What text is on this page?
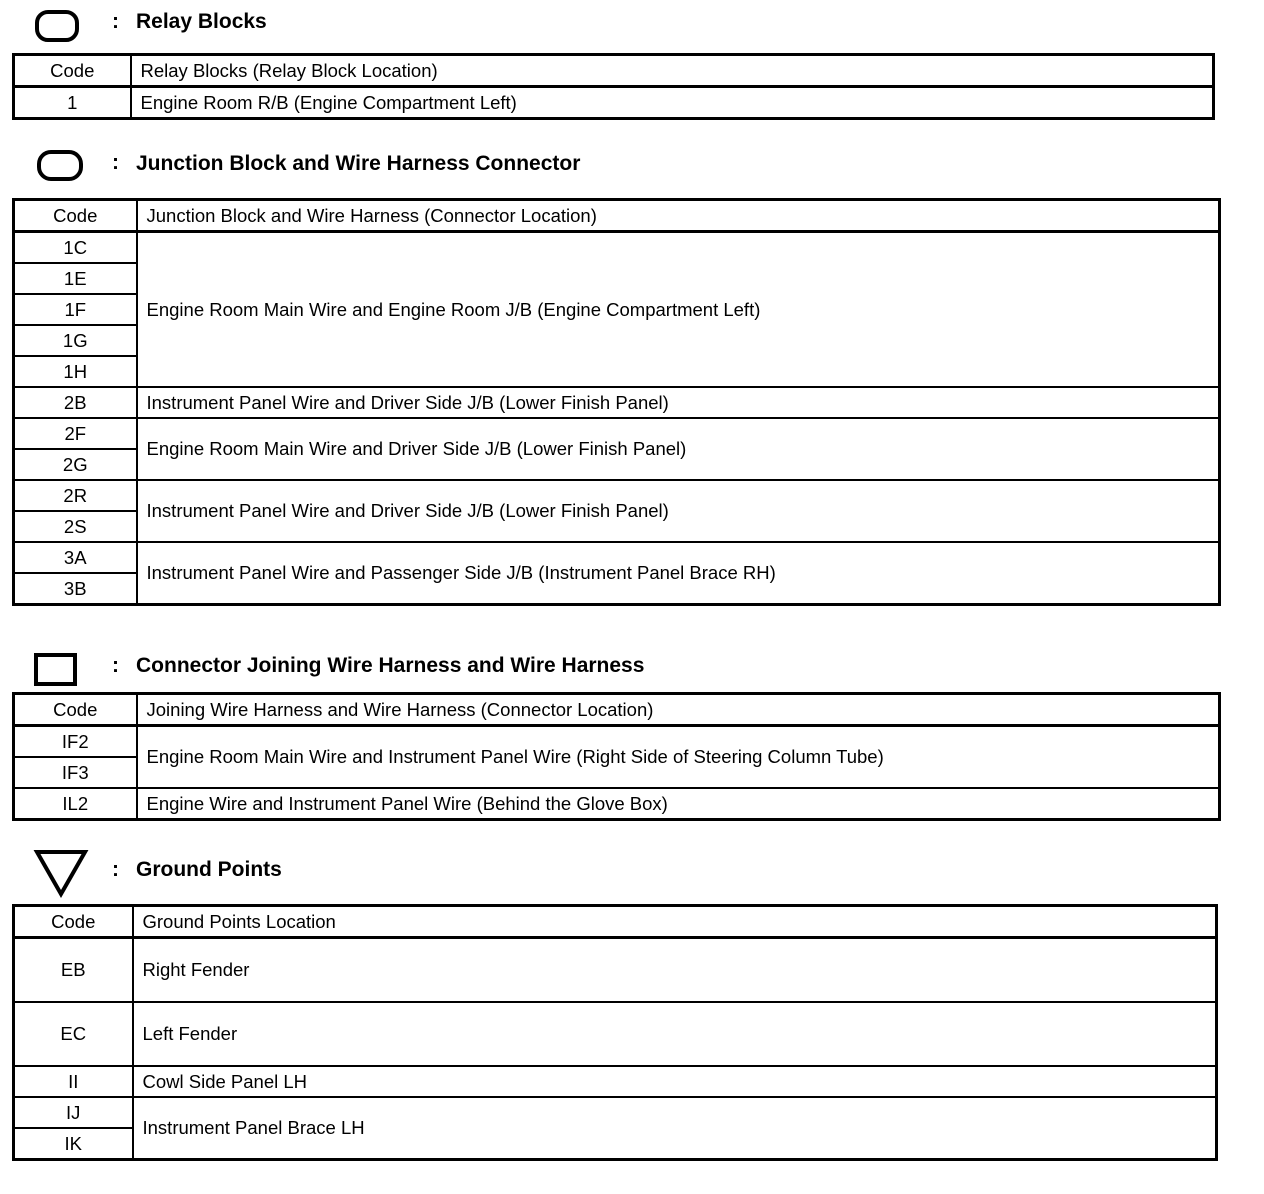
: Relay Blocks
Code	Relay Blocks (Relay Block Location)
1	Engine Room R/B (Engine Compartment Left)
: Junction Block and Wire Harness Connector
Code	Junction Block and Wire Harness (Connector Location)
1C	Engine Room Main Wire and Engine Room J/B (Engine Compartment Left)
1E	
1F	
1G	
1H	
2B	Instrument Panel Wire and Driver Side J/B (Lower Finish Panel)
2F	Engine Room Main Wire and Driver Side J/B (Lower Finish Panel)
2G	
2R	Instrument Panel Wire and Driver Side J/B (Lower Finish Panel)
2S	
3A	Instrument Panel Wire and Passenger Side J/B (Instrument Panel Brace RH)
3B	
: Connector Joining Wire Harness and Wire Harness
Code	Joining Wire Harness and Wire Harness (Connector Location)
IF2	Engine Room Main Wire and Instrument Panel Wire (Right Side of Steering Column Tube)
IF3	
IL2	Engine Wire and Instrument Panel Wire (Behind the Glove Box)
: Ground Points
Code	Ground Points Location
EB	Right Fender
EC	Left Fender
II	Cowl Side Panel LH
IJ	Instrument Panel Brace LH
IK	
